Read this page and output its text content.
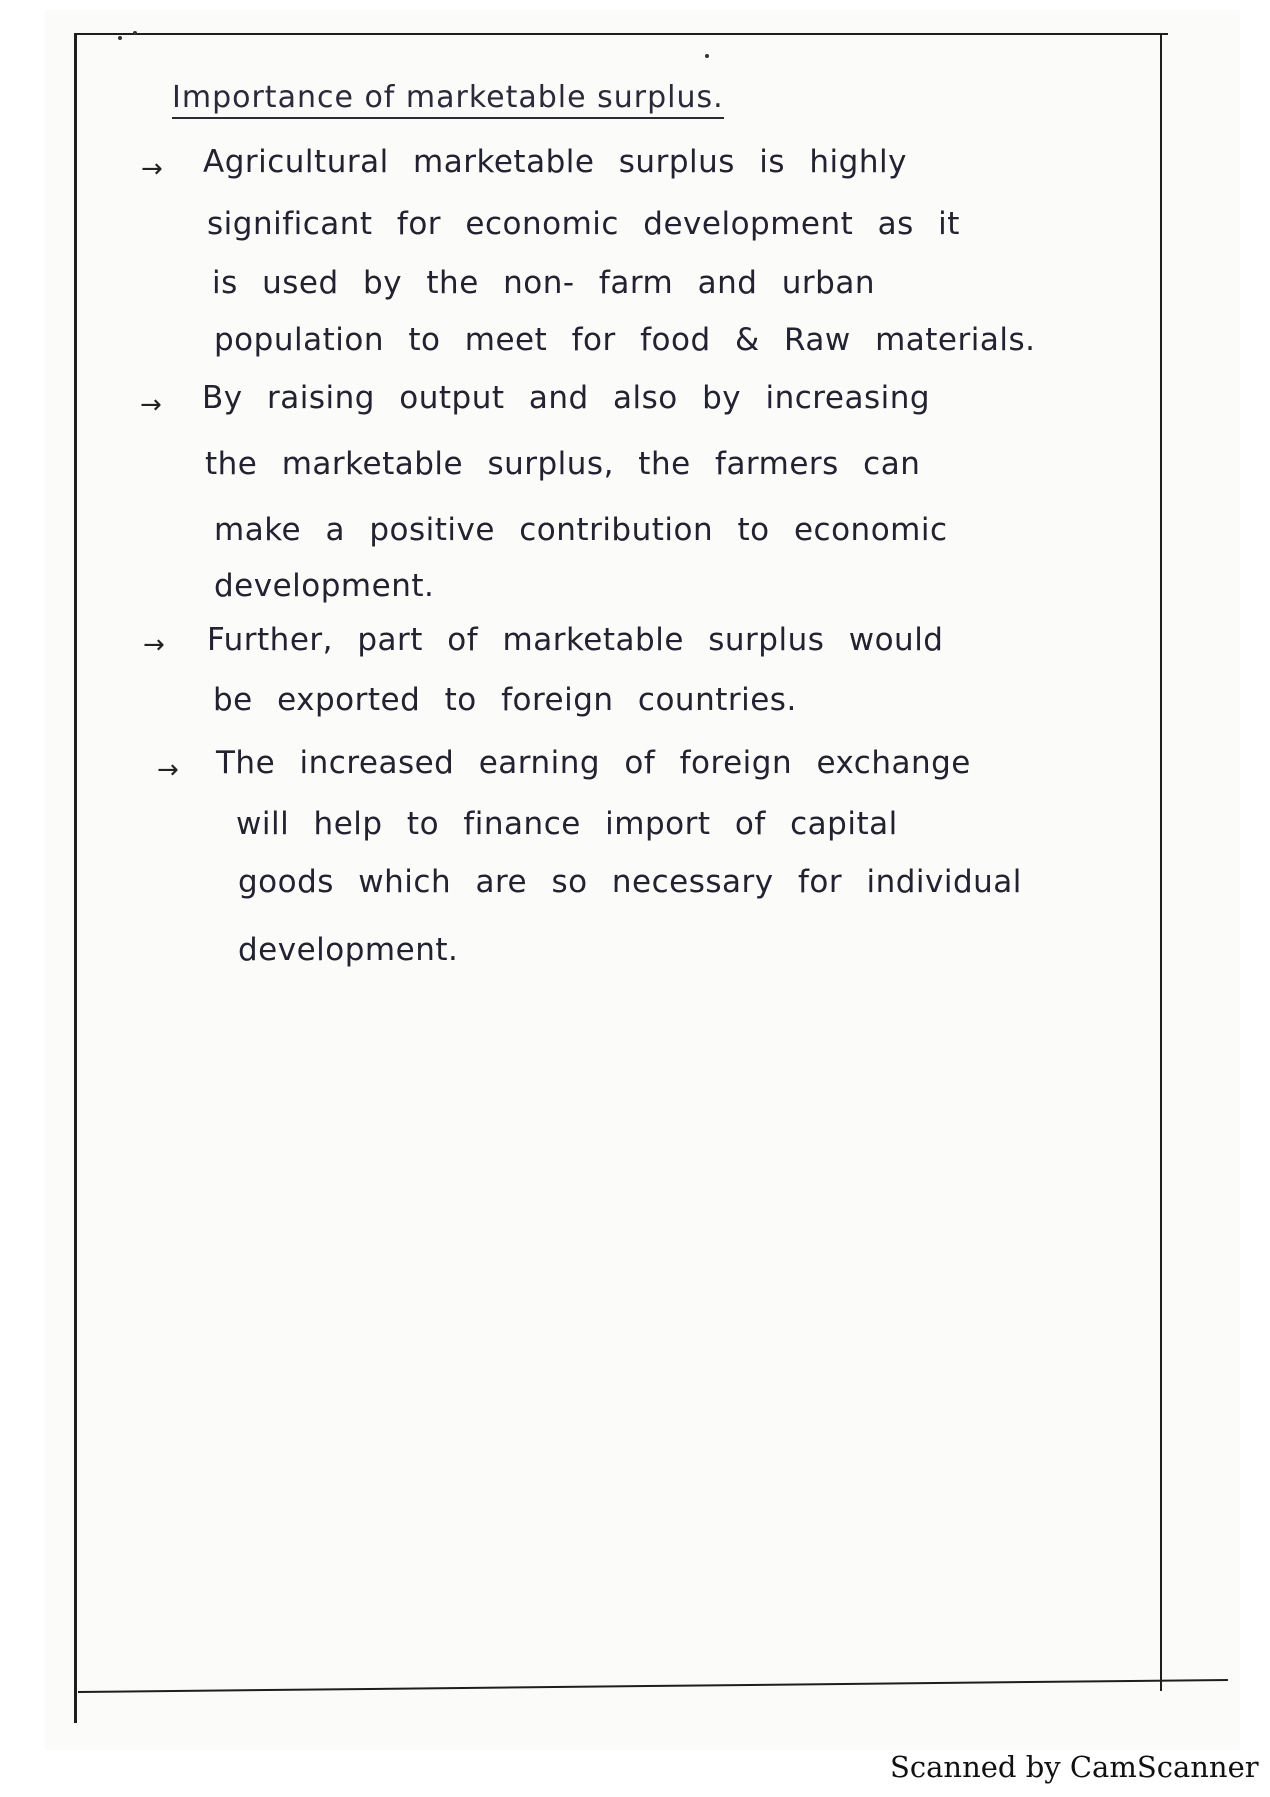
Importance of marketable surplus.
→ Agricultural marketable surplus is highly
significant for economic development as it
is used by the non- farm and urban
population to meet for food & Raw materials.
→ By raising output and also by increasing
the marketable surplus, the farmers can
make a positive contribution to economic
development.
→ Further, part of marketable surplus would
be exported to foreign countries.
→ The increased earning of foreign exchange
will help to finance import of capital
goods which are so necessary for individual
development.
Scanned by CamScanner
